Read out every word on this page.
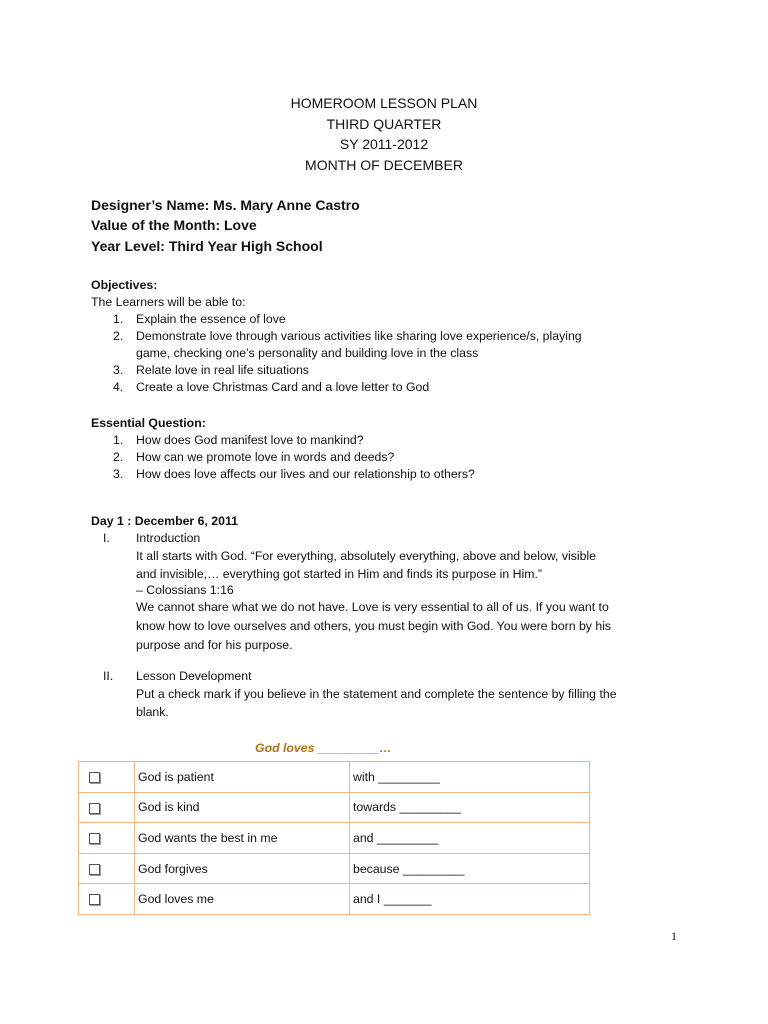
HOMEROOM LESSON PLAN
THIRD QUARTER
SY 2011-2012
MONTH OF DECEMBER
Designer’s Name: Ms. Mary Anne Castro
Value of the Month: Love
Year Level: Third Year High School
Objectives:
The Learners will be able to:
1. Explain the essence of love
2. Demonstrate love through various activities like sharing love experience/s, playing
game, checking one’s personality and building love in the class
3. Relate love in real life situations
4. Create a love Christmas Card and a love letter to God
Essential Question:
1. How does God manifest love to mankind?
2. How can we promote love in words and deeds?
3. How does love affects our lives and our relationship to others?
Day 1 : December 6, 2011
I. Introduction
It all starts with God. “For everything, absolutely everything, above and below, visible
and invisible,… everything got started in Him and finds its purpose in Him.”
– Colossians 1:16
We cannot share what we do not have. Love is very essential to all of us. If you want to
know how to love ourselves and others, you must begin with God. You were born by his
purpose and for his purpose.
II. Lesson Development
Put a check mark if you believe in the statement and complete the sentence by filling the
blank.
God loves _________…
	God is patient	with _________
	God is kind	towards _________
	God wants the best in me	and _________
	God forgives	because _________
	God loves me	and I _______
1
